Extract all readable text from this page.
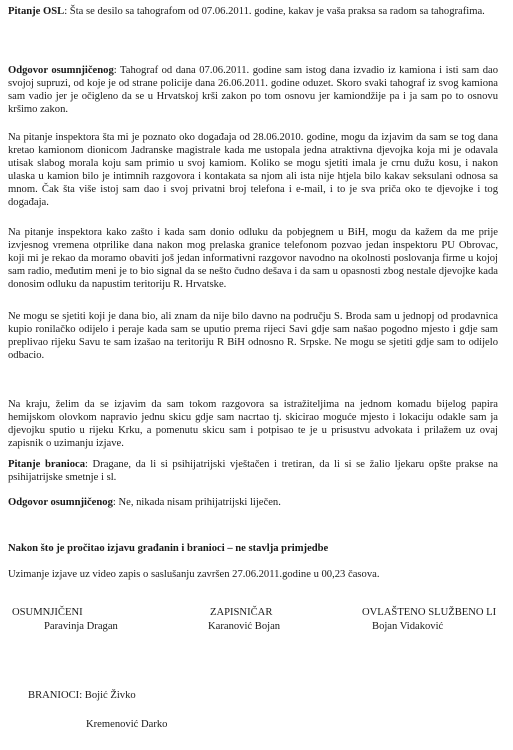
Pitanje OSL: Šta se desilo sa tahografom od 07.06.2011. godine, kakav je vaša praksa sa radom sa tahografima.

Odgovor osumnjičenog: Tahograf od dana 07.06.2011. godine sam istog dana izvadio iz kamiona i isti sam dao svojoj supruzi, od koje je od strane policije dana 26.06.2011. godine oduzet. Skoro svaki tahograf iz svog kamiona sam vadio jer je očigleno da se u Hrvatskoj krši zakon po tom osnovu jer kamiondžije pa i ja sam po to osnovu kršimo zakon.

Na pitanje inspektora šta mi je poznato oko događaja od 28.06.2010. godine, mogu da izjavim da sam se tog dana kretao kamionom dionicom Jadranske magistrale kada me ustopala jedna atraktivna djevojka koja mi je odavala utisak slabog morala koju sam primio u svoj kamiom. Koliko se mogu sjetiti imala je crnu dužu kosu, i nakon ulaska u kamion bilo je intimnih razgovora i kontakata sa njom ali ista nije htjela bilo kakav seksulani odnosa sa mnom. Čak šta više istoj sam dao i svoj privatni broj telefona i e-mail, i to je sva priča oko te djevojke i tog događaja.

Na pitanje inspektora kako zašto i kada sam donio odluku da pobjegnem u BiH, mogu da kažem da me prije izvjesnog vremena otprilike dana nakon mog prelaska granice telefonom pozvao jedan inspektoru PU Obrovac, koji mi je rekao da moramo obaviti još jedan informativni razgovor navodno na okolnosti poslovanja firme u kojoj sam radio, međutim meni je to bio signal da se nešto čudno dešava i da sam u opasnosti zbog nestale djevojke kada donosim odluku da napustim teritoriju R. Hrvatske.

Ne mogu se sjetiti koji je dana bio, ali znam da nije bilo davno na području S. Broda sam u jednopj od prodavnica kupio ronilačko odijelo i peraje kada sam se uputio prema rijeci Savi gdje sam našao pogodno mjesto i gdje sam preplivao rijeku Savu te sam izašao na teritoriju R BiH odnosno R. Srpske. Ne mogu se sjetiti gdje sam to odijelo odbacio.

Na kraju, želim da se izjavim da sam tokom razgovora sa istražiteljima na jednom komadu bijelog papira hemijskom olovkom napravio jednu skicu gdje sam nacrtao tj. skicirao moguće mjesto i lokaciju odakle sam ja djevojku sputio u rijeku Krku, a pomenutu skicu sam i potpisao te je u prisustvu advokata i prilažem uz ovaj zapisnik o uzimanju izjave.

Pitanje branioca: Dragane, da li si psihijatrijski vještačen i tretiran, da li si se žalio ljekaru opšte prakse na psihijatrijske smetnje i sl.

Odgovor osumnjičenog: Ne, nikada nisam prihijatrijski liječen.

Nakon što je pročitao izjavu građanin i branioci – ne stavlja primjedbe

Uzimanje izjave uz video zapis o saslušanju završen 27.06.2011.godine u 00,23 časova.

OSUMNJIČENI

Paravinja Dragan

ZAPISNIČAR

Karanović Bojan

OVLAŠTENO SLUŽBENO LI

Bojan Vidaković

BRANIOCI: Bojić Živko

Kremenović Darko
